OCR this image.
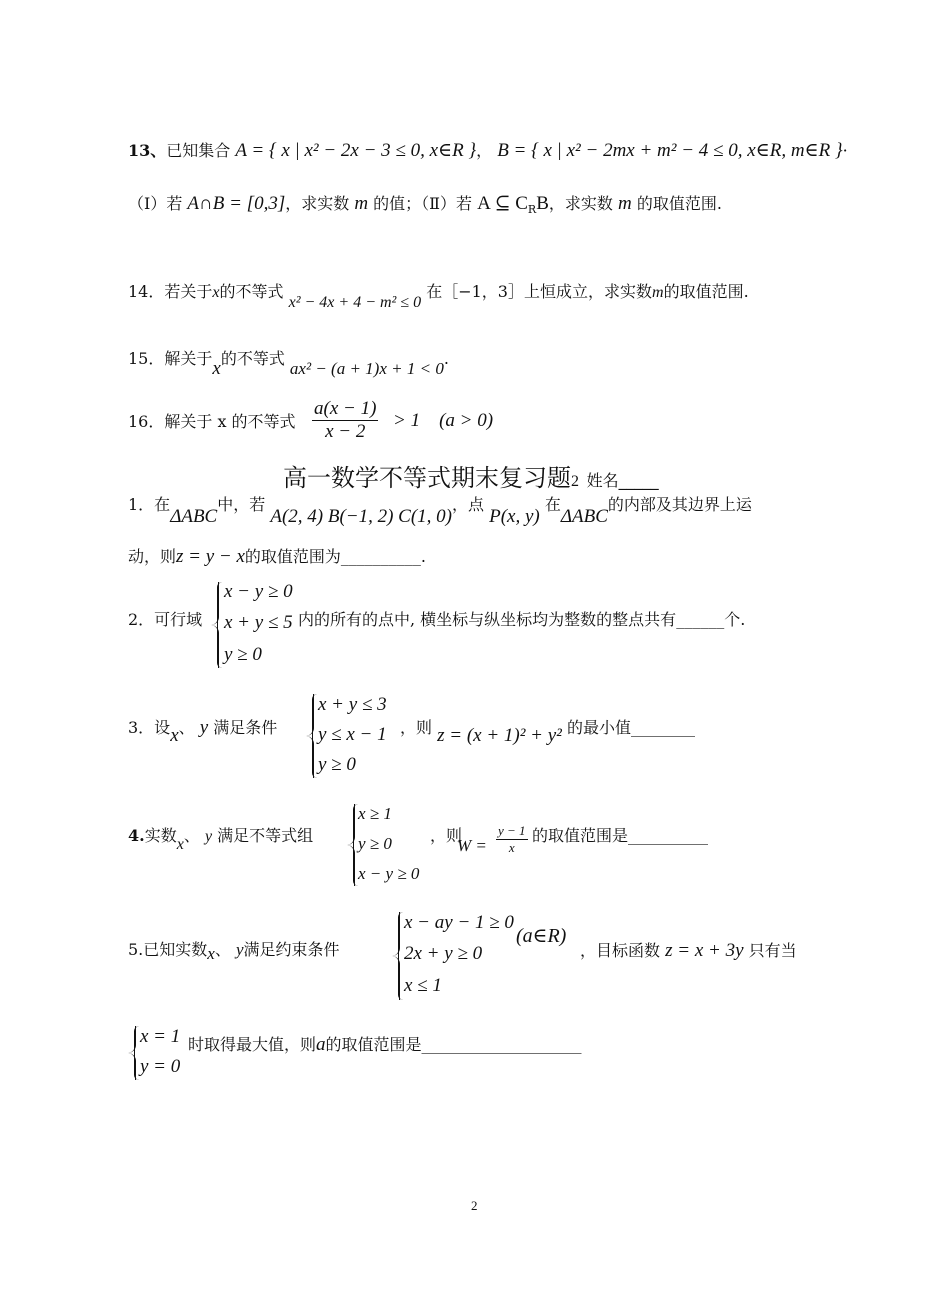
13、已知集合 A = { x | x² − 2x − 3 ≤ 0, x∈R }， B = { x | x² − 2mx + m² − 4 ≤ 0, x∈R, m∈R }·
（Ⅰ）若 A∩B = [0,3]，求实数 m 的值；（Ⅱ）若 A ⊆ $C_RB$，求实数 m 的取值范围.
14．若关于x的不等式 x² − 4x + 4 − m² ≤ 0 在［−1，3］上恒成立，求实数m的取值范围.
15．解关于x的不等式 ax² − (a + 1)x + 1 < 0.
16．解关于 x 的不等式 $\frac{a(x - 1)}{x - 2} > 1$ (a > 0)
高一数学不等式期末复习题2 姓名_____
1．在ΔABC中，若 A(2, 4) B(−1, 2) C(1, 0)，点 P(x, y) 在ΔABC的内部及其边界上运
动，则z = y − x的取值范围为__________.
2．可行域
x − y ≥ 0
x + y ≤ 5
y ≥ 0
内的所有的点中, 横坐标与纵坐标均为整数的整点共有______个.
3．设x、 y 满足条件
x + y ≤ 3
y ≤ x − 1
y ≥ 0
，则 z = (x + 1)² + y² 的最小值________
4.实数x、 y 满足不等式组
x ≥ 1
y ≥ 0
x − y ≥ 0
，则
$W = \frac{y - 1}{x}$ 的取值范围是__________
5.已知实数x、 y满足约束条件
x − ay − 1 ≥ 0
2x + y ≥ 0
x ≤ 1
(a∈R)
，目标函数 z = x + 3y 只有当
x = 1
y = 0
时取得最大值，则a的取值范围是____________________
2
